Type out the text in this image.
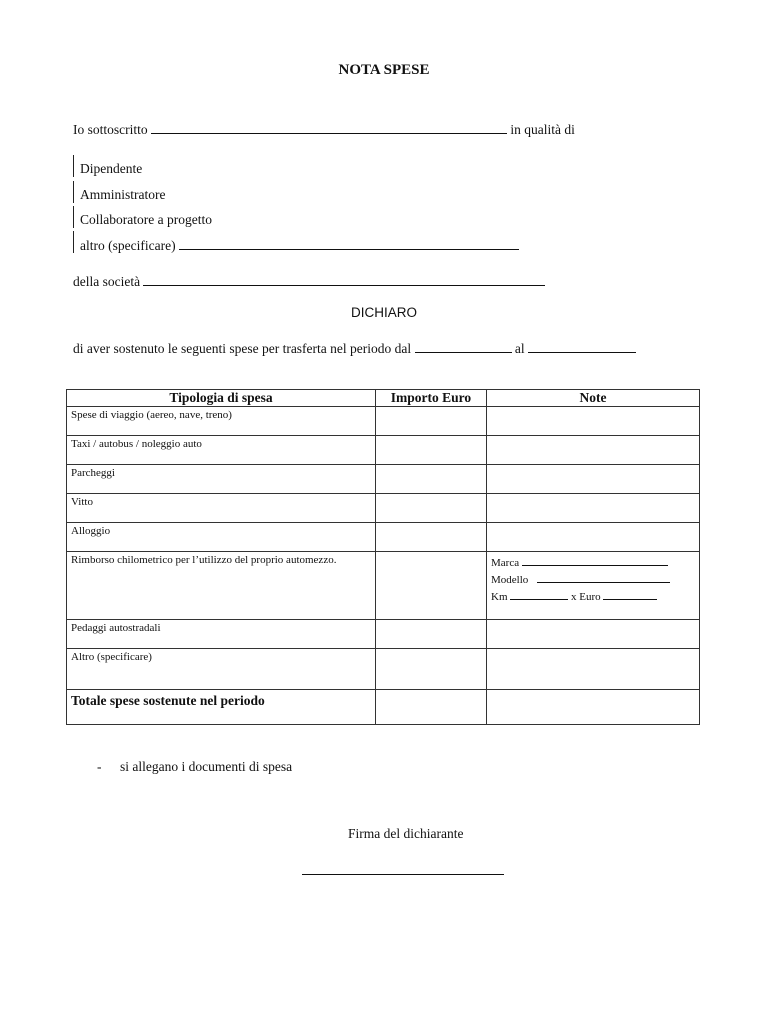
NOTA SPESE
Io sottoscritto	in qualità di
Dipendente
Amministratore
Collaboratore a progetto
altro (specificare)
della società
DICHIARO
di aver sostenuto le seguenti spese per trasferta nel periodo dal	al
Tipologia di spesa	Importo Euro	Note
Spese di viaggio (aereo, nave, treno)		
Taxi / autobus / noleggio auto		
Parcheggi		
Vitto		
Alloggio		
Rimborso chilometrico per l’utilizzo del proprio automezzo.		Marca
Modello
Km x Euro

Pedaggi autostradali		
Altro (specificare)		
Totale spese sostenute nel periodo		
- si allegano i documenti di spesa
Firma del dichiarante
